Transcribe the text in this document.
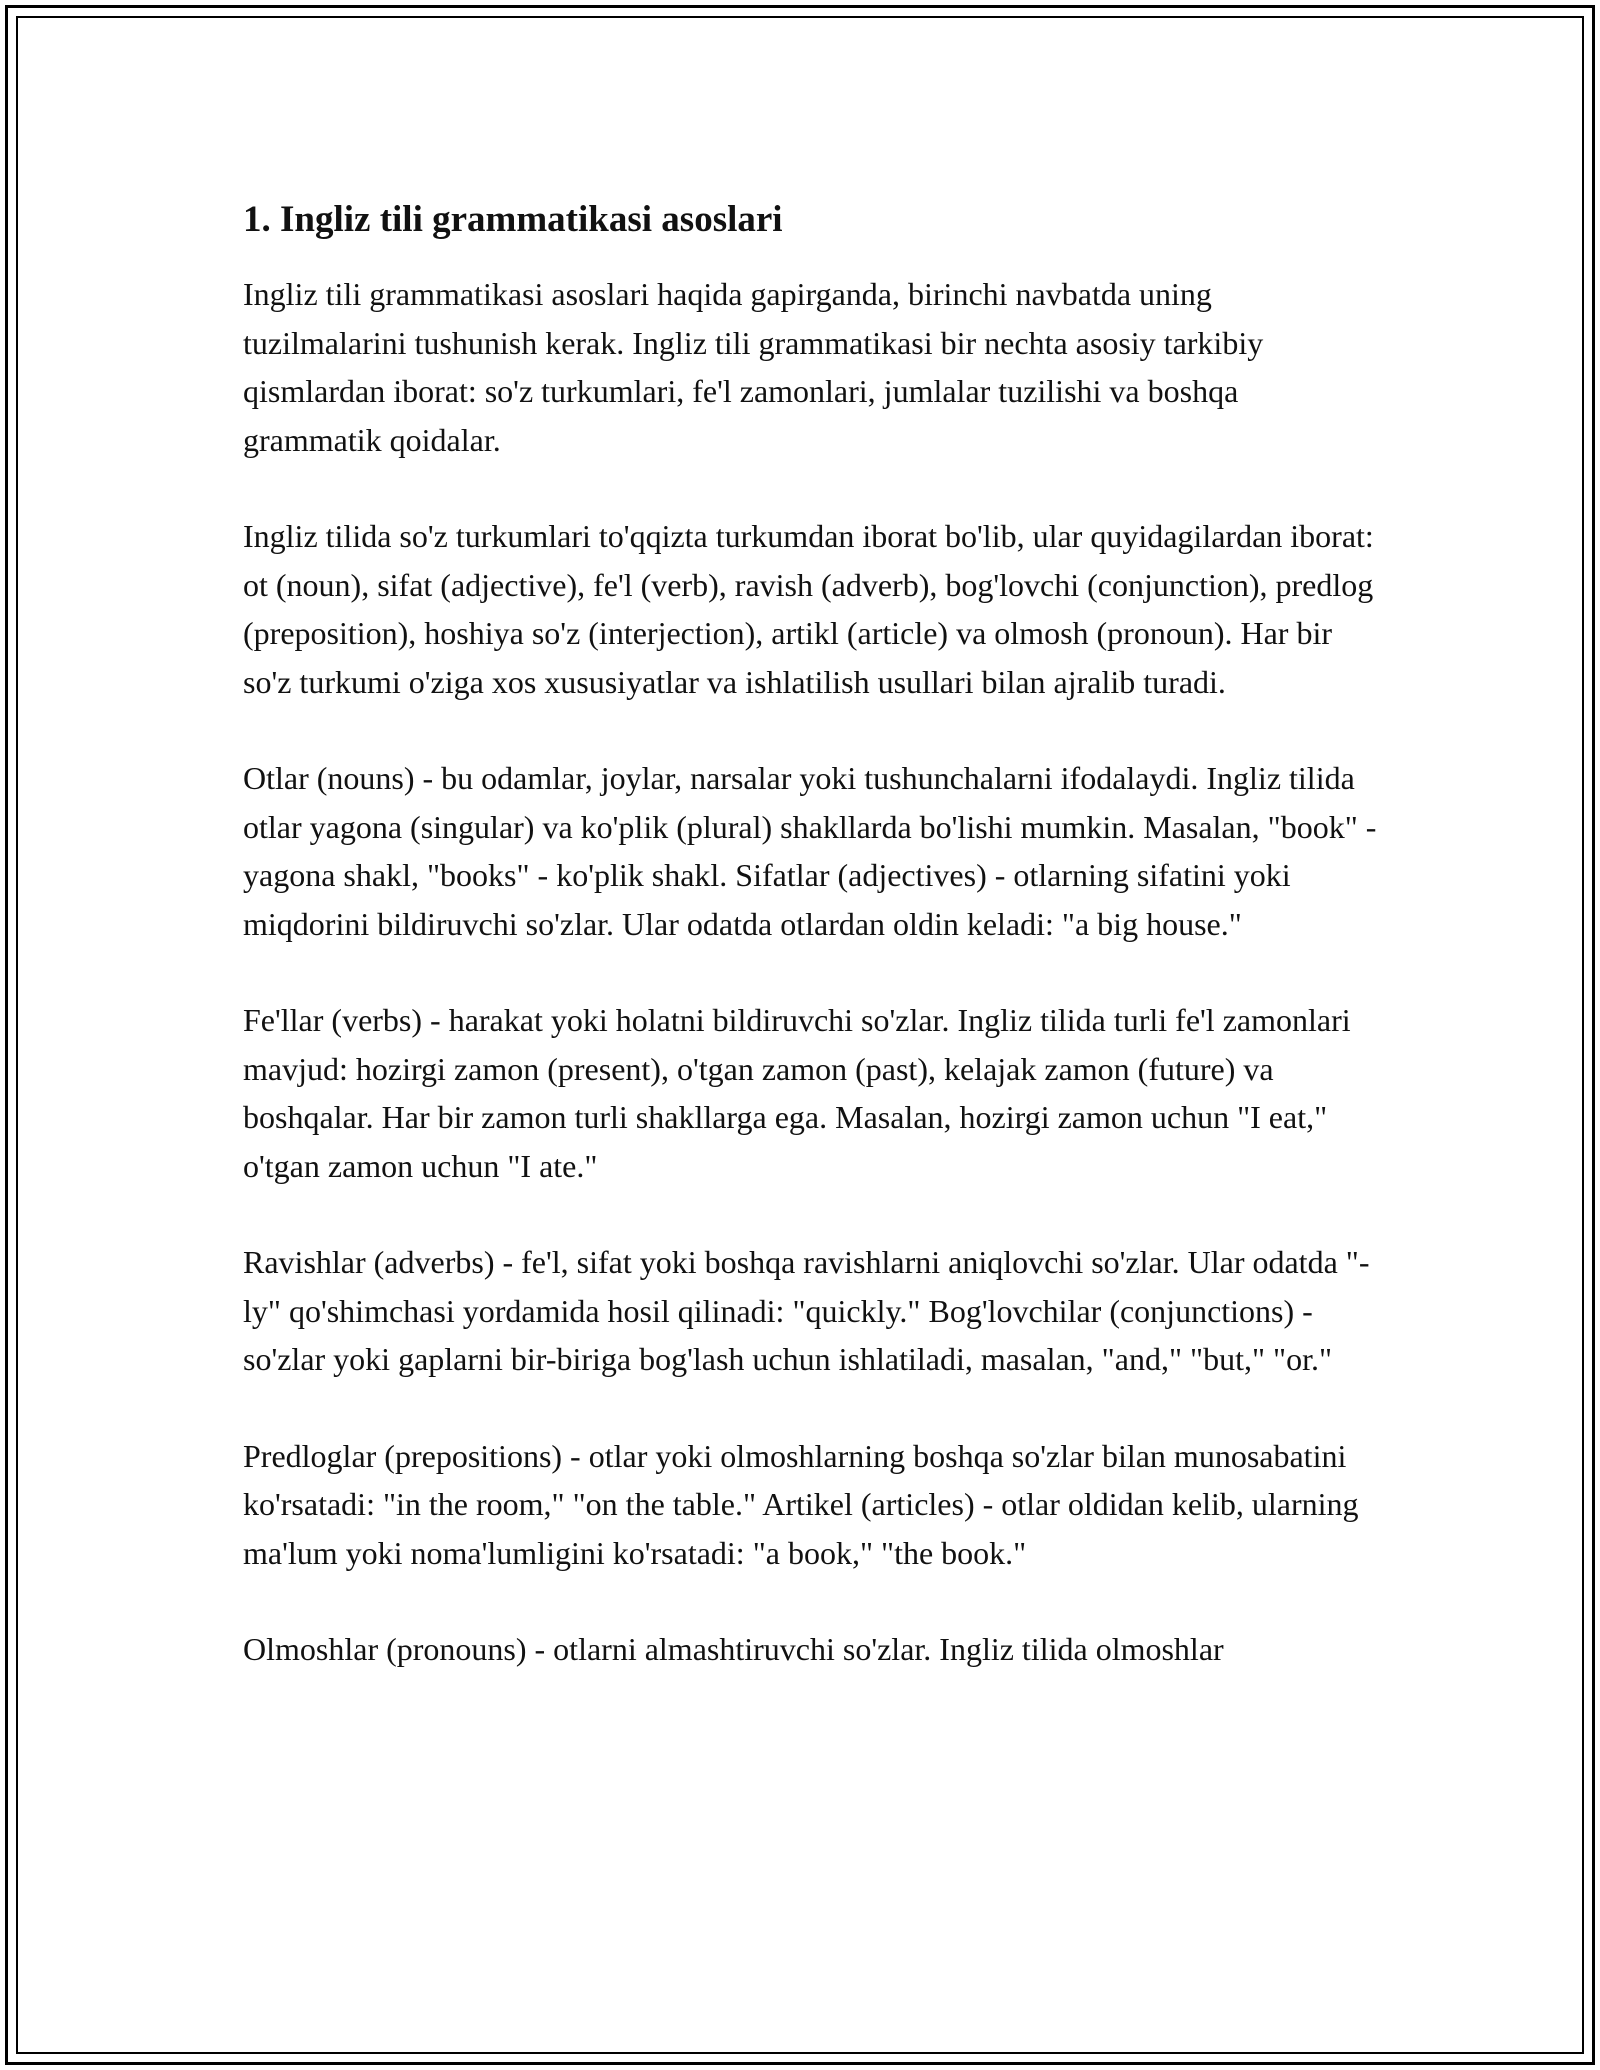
1. Ingliz tili grammatikasi asoslari

Ingliz tili grammatikasi asoslari haqida gapirganda, birinchi navbatda uning tuzilmalarini tushunish kerak. Ingliz tili grammatikasi bir nechta asosiy tarkibiy qismlardan iborat: so'z turkumlari, fe'l zamonlari, jumlalar tuzilishi va boshqa grammatik qoidalar.

Ingliz tilida so'z turkumlari to'qqizta turkumdan iborat bo'lib, ular quyidagilardan iborat: ot (noun), sifat (adjective), fe'l (verb), ravish (adverb), bog'lovchi (conjunction), predlog (preposition), hoshiya so'z (interjection), artikl (article) va olmosh (pronoun). Har bir so'z turkumi o'ziga xos xususiyatlar va ishlatilish usullari bilan ajralib turadi.

Otlar (nouns) - bu odamlar, joylar, narsalar yoki tushunchalarni ifodalaydi. Ingliz tilida otlar yagona (singular) va ko'plik (plural) shakllarda bo'lishi mumkin. Masalan, "book" - yagona shakl, "books" - ko'plik shakl. Sifatlar (adjectives) - otlarning sifatini yoki miqdorini bildiruvchi so'zlar. Ular odatda otlardan oldin keladi: "a big house."

Fe'llar (verbs) - harakat yoki holatni bildiruvchi so'zlar. Ingliz tilida turli fe'l zamonlari mavjud: hozirgi zamon (present), o'tgan zamon (past), kelajak zamon (future) va boshqalar. Har bir zamon turli shakllarga ega. Masalan, hozirgi zamon uchun "I eat," o'tgan zamon uchun "I ate."

Ravishlar (adverbs) - fe'l, sifat yoki boshqa ravishlarni aniqlovchi so'zlar. Ular odatda "-ly" qo'shimchasi yordamida hosil qilinadi: "quickly." Bog'lovchilar (conjunctions) - so'zlar yoki gaplarni bir-biriga bog'lash uchun ishlatiladi, masalan, "and," "but," "or."

Predloglar (prepositions) - otlar yoki olmoshlarning boshqa so'zlar bilan munosabatini ko'rsatadi: "in the room," "on the table." Artikel (articles) - otlar oldidan kelib, ularning ma'lum yoki noma'lumligini ko'rsatadi: "a book," "the book."

Olmoshlar (pronouns) - otlarni almashtiruvchi so'zlar. Ingliz tilida olmoshlar
